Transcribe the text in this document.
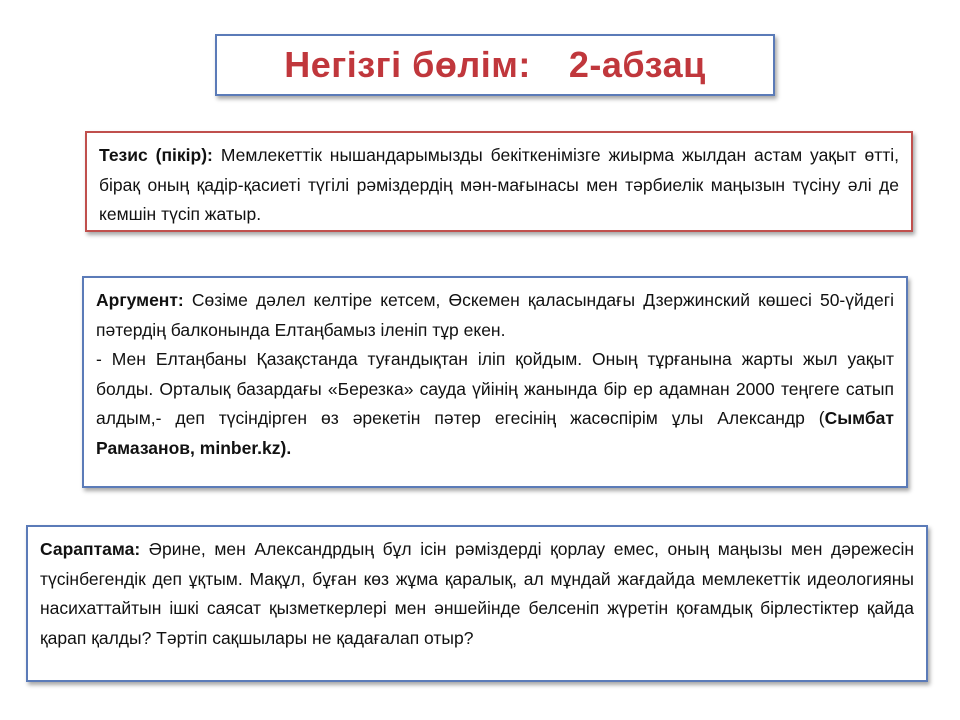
Негізгі бөлім: 2-абзац

Тезис (пікір): Мемлекеттік нышандарымызды бекіткенімізге жиырма жылдан астам уақыт өтті, бірақ оның қадір-қасиеті түгілі рәміздердің мән-мағынасы мен тәрбиелік маңызын түсіну әлі де кемшін түсіп жатыр.

Аргумент: Сөзіме дәлел келтіре кетсем, Өскемен қаласындағы Дзержинский көшесі 50-үйдегі пәтердің балконында Елтаңбамыз іленіп тұр екен.

- Мен Елтаңбаны Қазақстанда туғандықтан іліп қойдым. Оның тұрғанына жарты жыл уақыт болды. Орталық базардағы «Березка» сауда үйінің жанында бір ер адамнан 2000 теңгеге сатып алдым,- деп түсіндірген өз әрекетін пәтер егесінің жасөспірім ұлы Александр (Сымбат Рамазанов, minber.kz).

Сараптама: Әрине, мен Александрдың бұл ісін рәміздерді қорлау емес, оның маңызы мен дәрежесін түсінбегендік деп ұқтым. Мақұл, бұған көз жұма қаралық, ал мұндай жағдайда мемлекеттік идеологияны насихаттайтын ішкі саясат қызметкерлері мен әншейінде белсеніп жүретін қоғамдық бірлестіктер қайда қарап қалды? Тәртіп сақшылары не қадағалап отыр?
